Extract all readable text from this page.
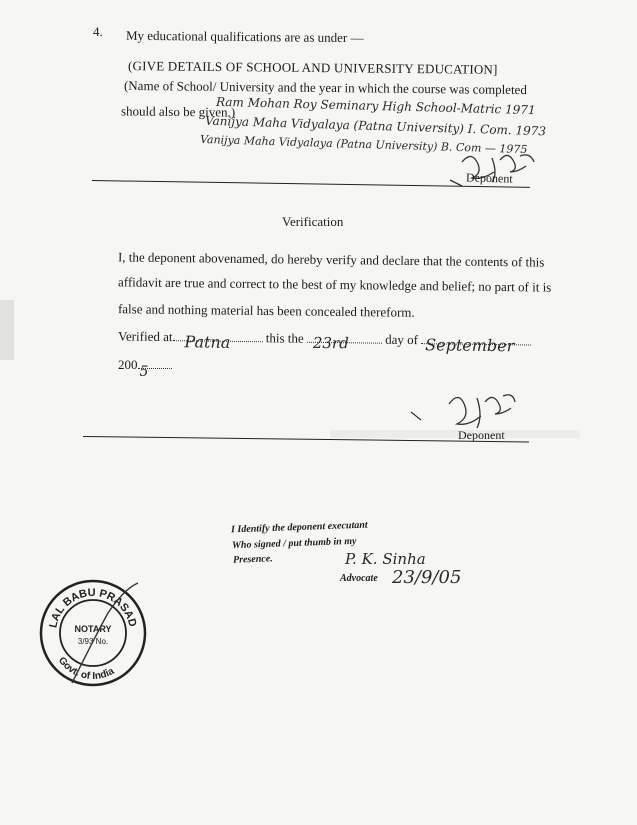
4. My educational qualifications are as under —
(GIVE DETAILS OF SCHOOL AND UNIVERSITY EDUCATION]
(Name of School/ University and the year in which the course was completed
should also be given.)
Ram Mohan Roy Seminary High School-Matric 1971
Vanijya Maha Vidyalaya (Patna University) I. Com. 1973
Vanijya Maha Vidyalaya (Patna University) B. Com — 1975
Deponent
Verification
I, the deponent abovenamed, do hereby verify and declare that the contents of this
affidavit are true and correct to the best of my knowledge and belief; no part of it is
false and nothing material has been concealed thereform.
Verified at Patna	this the 23rd	day of September
200 5
Deponent
I Identify the deponent executant
Who signed / put thumb in my
Presence.	P. K. Sinha
Advocate 23/9/05
LAL BABU PRASAD
Govt. of India
NOTARY
3/93 No.
